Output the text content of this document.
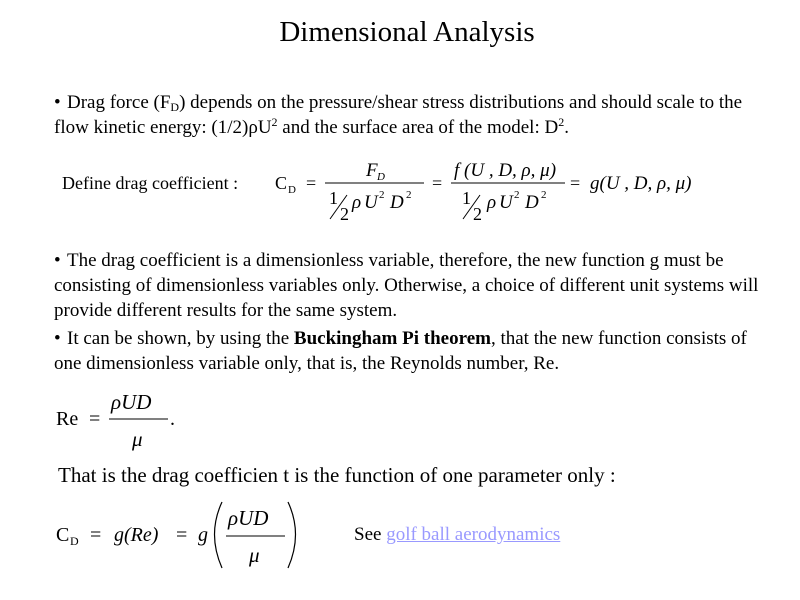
Dimensional Analysis
• Drag force $(F_D)$ depends on the pressure/shear stress distributions and should scale to the flow kinetic energy: $(1/2)\rho U^2$ and the surface area of the model: $D^2$.
Define drag coefficient : C D =
F D
1
2
ρ U 2 D 2
=
f (U , D, ρ, μ)
1
2
ρ U 2 D 2
= g(U , D, ρ, μ)
• The drag coefficient is a dimensionless variable, therefore, the new function g must be consisting of dimensionless variables only. Otherwise, a choice of different unit systems will provide different results for the same system.
• It can be shown, by using the Buckingham Pi theorem, that the new function consists of one dimensionless variable only, that is, the Reynolds number, Re.
Re =
ρUD
μ
.
That is the drag coefficien t is the function of one parameter only :
C D = g(Re) = g
ρUD
μ
See golf ball aerodynamics
